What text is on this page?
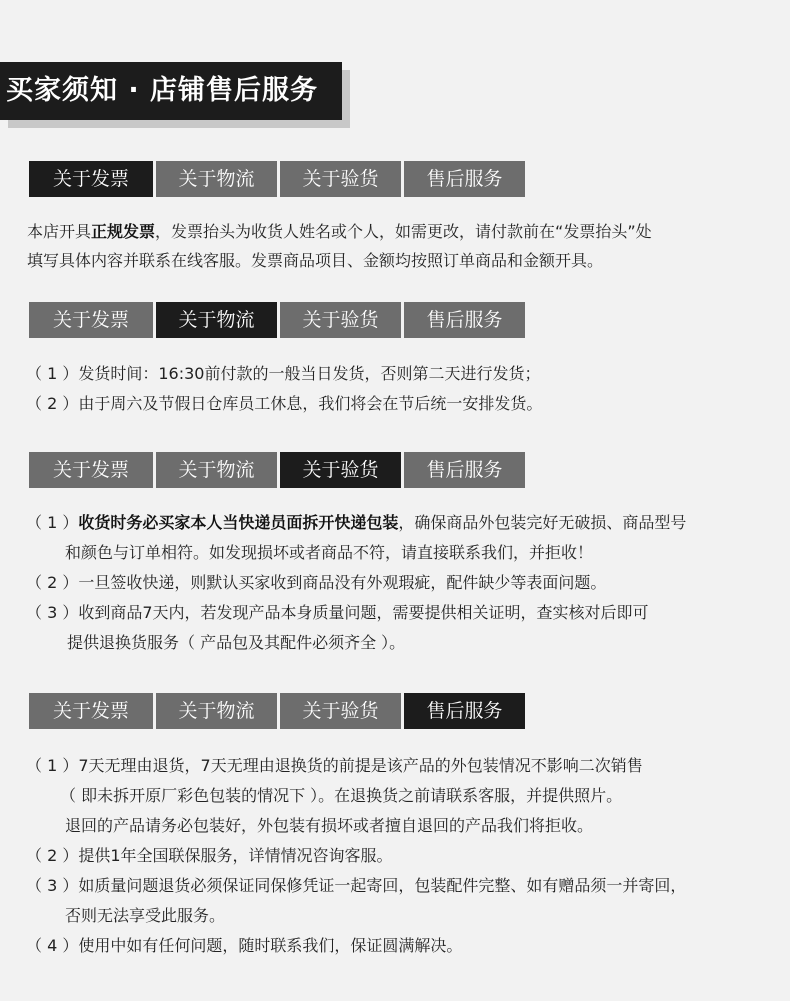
买家须知 · 店铺售后服务
关于发票	关于物流	关于验货	售后服务

本店开具正规发票，发票抬头为收货人姓名或个人，如需更改，请付款前在“发票抬头”处

填写具体内容并联系在线客服。发票商品项目、金额均按照订单商品和金额开具。

关于发票	关于物流	关于验货	售后服务

（ 1 ）发货时间：16:30前付款的一般当日发货，否则第二天进行发货；

（ 2 ）由于周六及节假日仓库员工休息，我们将会在节后统一安排发货。

关于发票	关于物流	关于验货	售后服务

（ 1 ）收货时务必买家本人当快递员面拆开快递包装，确保商品外包装完好无破损、商品型号

和颜色与订单相符。如发现损坏或者商品不符，请直接联系我们，并拒收！

（ 2 ）一旦签收快递，则默认买家收到商品没有外观瑕疵，配件缺少等表面问题。

（ 3 ）收到商品7天内，若发现产品本身质量问题，需要提供相关证明，查实核对后即可

提供退换货服务（ 产品包及其配件必须齐全 ）。

关于发票	关于物流	关于验货	售后服务

（ 1 ）7天无理由退货，7天无理由退换货的前提是该产品的外包装情况不影响二次销售

（ 即未拆开原厂彩色包装的情况下 ）。在退换货之前请联系客服，并提供照片。

退回的产品请务必包装好，外包装有损坏或者擅自退回的产品我们将拒收。

（ 2 ）提供1年全国联保服务，详情情况咨询客服。

（ 3 ）如质量问题退货必须保证同保修凭证一起寄回，包装配件完整、如有赠品须一并寄回，

否则无法享受此服务。

（ 4 ）使用中如有任何问题，随时联系我们，保证圆满解决。
